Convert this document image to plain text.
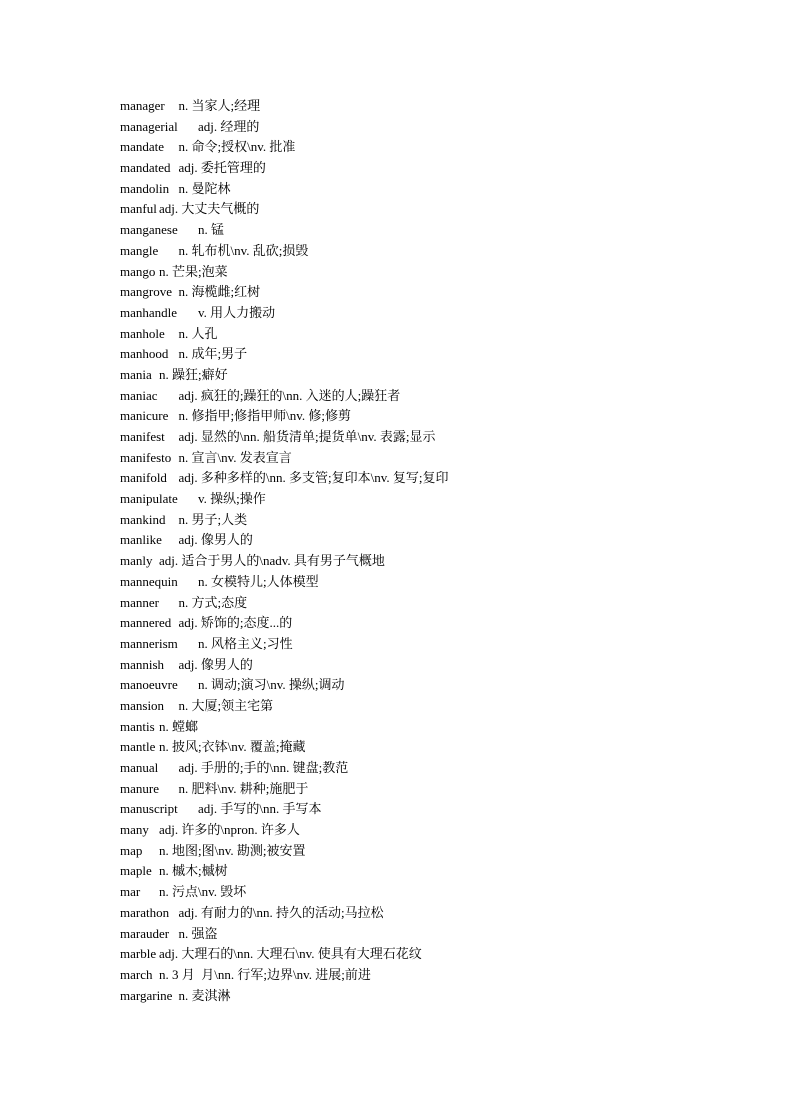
manager	n. 当家人;经理
managerial	adj. 经理的
mandate	n. 命令;授权\nv. 批准
mandated	adj. 委托管理的
mandolin	n. 曼陀林
manful	adj. 大丈夫气概的
manganese	n. 锰
mangle	n. 轧布机\nv. 乱砍;损毁
mango	n. 芒果;泡菜
mangrove	n. 海榄雌;红树
manhandle	v. 用人力搬动
manhole	n. 人孔
manhood	n. 成年;男子
mania	n. 躁狂;癖好
maniac	adj. 疯狂的;躁狂的\nn. 入迷的人;躁狂者
manicure	n. 修指甲;修指甲师\nv. 修;修剪
manifest	adj. 显然的\nn. 船货清单;提货单\nv. 表露;显示
manifesto	n. 宣言\nv. 发表宣言
manifold	adj. 多种多样的\nn. 多支管;复印本\nv. 复写;复印
manipulate	v. 操纵;操作
mankind	n. 男子;人类
manlike	adj. 像男人的
manly	adj. 适合于男人的\nadv. 具有男子气概地
mannequin	n. 女模特儿;人体模型
manner	n. 方式;态度
mannered	adj. 矫饰的;态度...的
mannerism	n. 风格主义;习性
mannish	adj. 像男人的
manoeuvre	n. 调动;演习\nv. 操纵;调动
mansion	n. 大厦;领主宅第
mantis	n. 螳螂
mantle	n. 披风;衣钵\nv. 覆盖;掩藏
manual	adj. 手册的;手的\nn. 键盘;教范
manure	n. 肥料\nv. 耕种;施肥于
manuscript	adj. 手写的\nn. 手写本
many	adj. 许多的\npron. 许多人
map	n. 地图;图\nv. 勘测;被安置
maple	n. 槭木;槭树
mar	n. 污点\nv. 毁坏
marathon	adj. 有耐力的\nn. 持久的活动;马拉松
marauder	n. 强盗
marble	adj. 大理石的\nn. 大理石\nv. 使具有大理石花纹
march	n. 3 月  月\nn. 行军;边界\nv. 进展;前进
margarine	n. 麦淇淋
